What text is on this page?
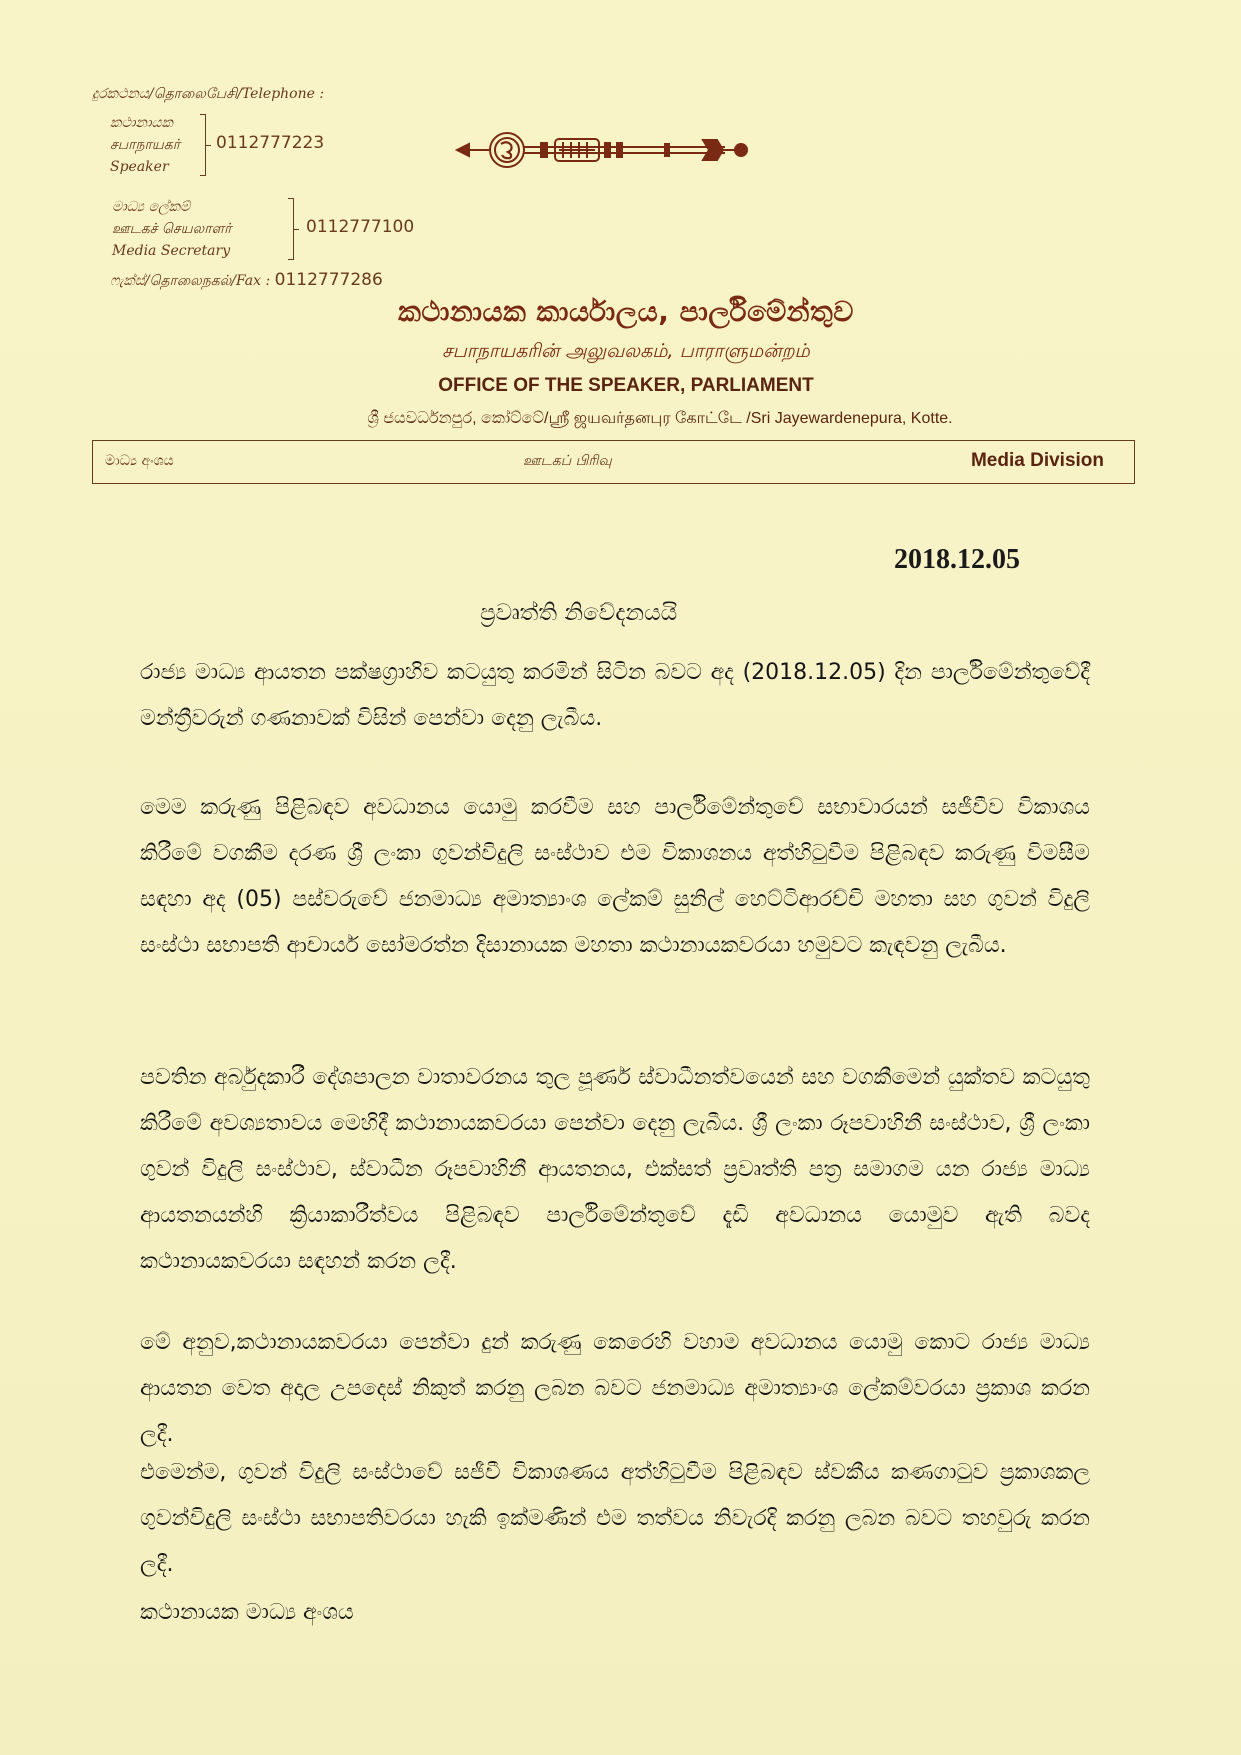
දුරකථනය/தொலைபேசி/Telephone :
කථානායක
சபாநாயகர்
Speaker
0112777223
මාධ්‍ය ලේකම්
ஊடகச் செயலாளர்
Media Secretary
0112777100
ෆැක්ස්/தொலைநகல்/Fax : 0112777286
කථානායක කාර්යාලය, පාර්ලිමේන්තුව
சபாநாயகரின் அலுவலகம், பாராளுமன்றம்
OFFICE OF THE SPEAKER, PARLIAMENT
ශ්‍රී ජයවර්ධනපුර, කෝට්ටේ/ஸ்ரீ ஜயவர்தனபுர கோட்டே /Sri Jayewardenepura, Kotte.
මාධ්‍ය අංශය	ஊடகப் பிரிவு	Media Division
2018.12.05
ප්‍රවෘත්ති නිවේදනයයි
රාජ්‍ය මාධ්‍ය ආයතන පක්ෂග්‍රාහිව කටයුතු කරමින් සිටින බවට අද (2018.12.05) දින පාර්ලිමේන්තුවේදී මන්ත්‍රීවරුන් ගණනාවක් විසින් පෙන්වා දෙනු ලැබීය.
මෙම කරුණු පිළිබඳව අවධානය යොමු කරවීම සහ පාර්ලිමේන්තුවේ සභාවාරයන් සජීවීව විකාශය කිරීමේ වගකීම දරණ ශ්‍රී ලංකා ගුවන්විදුලි සංස්ථාව එම විකාශනය අත්හිටුවීම පිළිබඳව කරුණු විමසීම සඳහා අද (05) පස්වරුවේ ජනමාධ්‍ය අමාත්‍යාංශ ලේකම් සුනිල් හෙට්ටිආරච්චි මහතා සහ ගුවන් විදුලි සංස්ථා සභාපති ආචාර්ය සෝමරත්න දිසානායක මහතා කථානායකවරයා හමුවට කැඳවනු ලැබීය.
පවතින අර්බුදකාරී දේශපාලන වාතාවරනය තුල පූර්ණ ස්වාධීනත්වයෙන් සහ වගකීමෙන් යුක්තව කටයුතු කිරීමේ අවශ්‍යතාවය මෙහිදී කථානායකවරයා පෙන්වා දෙනු ලැබීය. ශ්‍රී ලංකා රූපවාහිනී සංස්ථාව, ශ්‍රී ලංකා ගුවන් විදුලි සංස්ථාව, ස්වාධීන රූපවාහිනී ආයතනය, එක්සත් ප්‍රවෘත්ති පත්‍ර සමාගම යන රාජ්‍ය මාධ්‍ය ආයතනයන්හි ක්‍රියාකාරීත්වය පිළිබඳව පාර්ලිමේන්තුවේ දැඩි අවධානය යොමුව ඇති බවද කථානායකවරයා සඳහන් කරන ලදී.
මේ අනුව,කථානායකවරයා පෙන්වා දුන් කරුණු කෙරෙහි වහාම අවධානය යොමු කොට රාජ්‍ය මාධ්‍ය ආයතන වෙත අදාල උපදෙස් නිකුත් කරනු ලබන බවට ජනමාධ්‍ය අමාත්‍යාංශ ලේකම්වරයා ප්‍රකාශ කරන ලදී.
එමෙන්ම, ගුවන් විදුලි සංස්ථාවේ සජීවී විකාශණය අත්හිටුවීම පිළිබඳව ස්වකීය කණගාටුව ප්‍රකාශකල ගුවන්විදුලි සංස්ථා සභාපතිවරයා හැකි ඉක්මණින් එම තත්වය නිවැරදි කරනු ලබන බවට තහවුරු කරන ලදී.
කථානායක මාධ්‍ය අංශය
